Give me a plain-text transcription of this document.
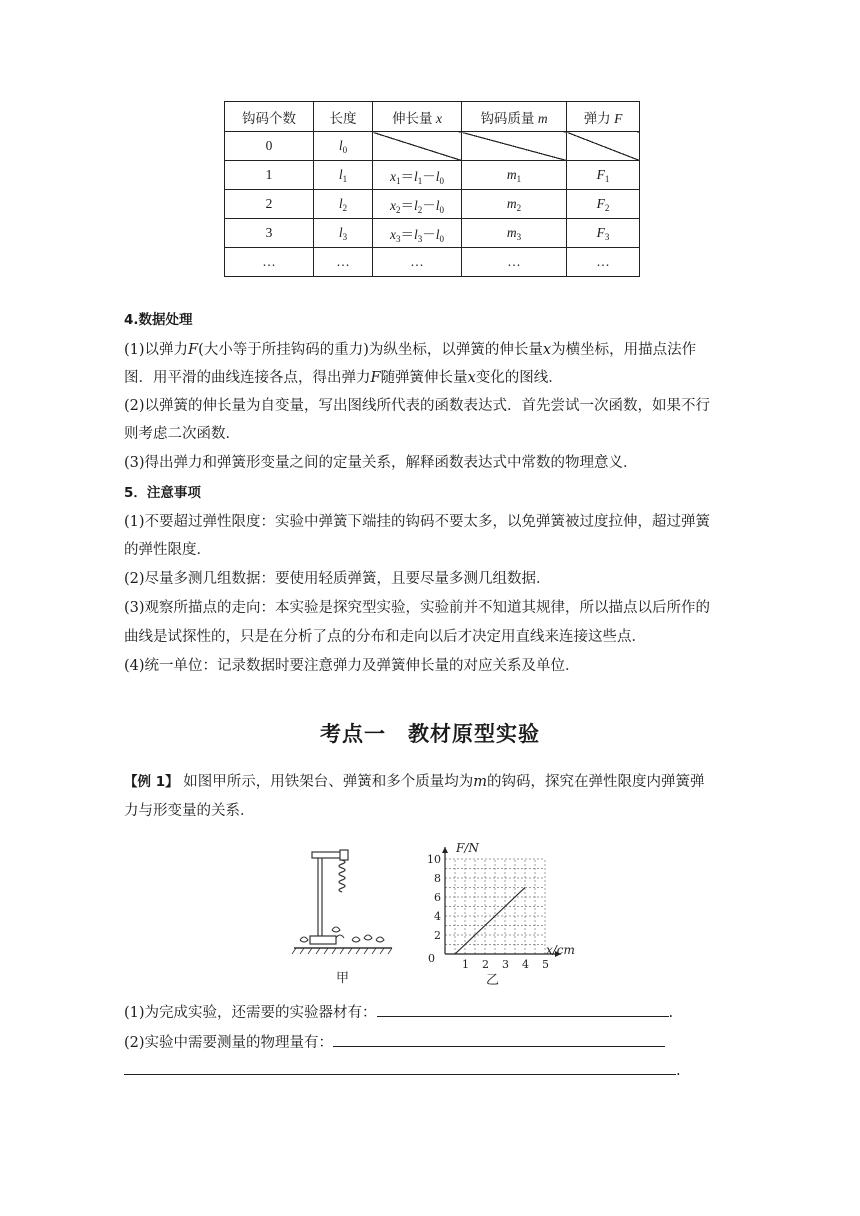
钩码个数	长度	伸长量 x	钩码质量 m	弹力 F
0	$l_0$			
1	$l_1$	$x_1=l_1-l_0$	$m_1$	$F_1$
2	$l_2$	$x_2=l_2-l_0$	$m_2$	$F_2$
3	$l_3$	$x_3=l_3-l_0$	$m_3$	$F_3$
…	…	…	…	…
4.数据处理
(1)以弹力F(大小等于所挂钩码的重力)为纵坐标，以弹簧的伸长量x为横坐标，用描点法作
图．用平滑的曲线连接各点，得出弹力F随弹簧伸长量x变化的图线．
(2)以弹簧的伸长量为自变量，写出图线所代表的函数表达式．首先尝试一次函数，如果不行
则考虑二次函数．
(3)得出弹力和弹簧形变量之间的定量关系，解释函数表达式中常数的物理意义．
5．注意事项
(1)不要超过弹性限度：实验中弹簧下端挂的钩码不要太多，以免弹簧被过度拉伸，超过弹簧
的弹性限度．
(2)尽量多测几组数据：要使用轻质弹簧，且要尽量多测几组数据．
(3)观察所描点的走向：本实验是探究型实验，实验前并不知道其规律，所以描点以后所作的
曲线是试探性的，只是在分析了点的分布和走向以后才决定用直线来连接这些点．
(4)统一单位：记录数据时要注意弹力及弹簧伸长量的对应关系及单位．
考点一　教材原型实验
【例 1】 如图甲所示，用铁架台、弹簧和多个质量均为m的钩码，探究在弹性限度内弹簧弹
力与形变量的关系．
甲
1 2 3 4 5
2
4
6
8
10
F/N
x/cm
0
乙
(1)为完成实验，还需要的实验器材有：	.
(2)实验中需要测量的物理量有：
.
